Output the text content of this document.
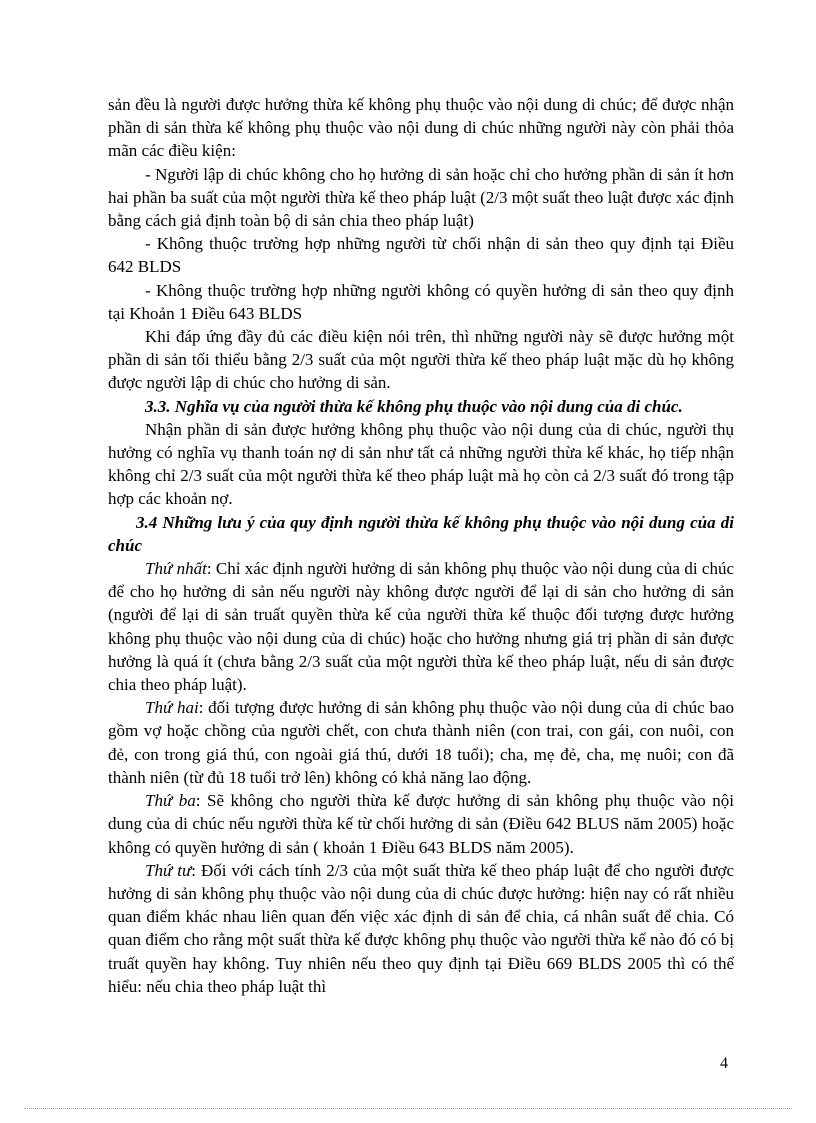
sản đều là người được hưởng thừa kế không phụ thuộc vào nội dung di chúc; để được nhận phần di sản thừa kế không phụ thuộc vào nội dung di chúc những người này còn phải thỏa mãn các điều kiện:

- Người lập di chúc không cho họ hưởng di sản hoặc chỉ cho hưởng phần di sản ít hơn hai phần ba suất của một người thừa kế theo pháp luật (2/3 một suất theo luật được xác định bằng cách giả định toàn bộ di sản chia theo pháp luật)

- Không thuộc trường hợp những người từ chối nhận di sản theo quy định tại Điều 642 BLDS

- Không thuộc trường hợp những người không có quyền hưởng di sản theo quy định tại Khoản 1 Điều 643 BLDS

Khi đáp ứng đầy đủ các điều kiện nói trên, thì những người này sẽ được hưởng một phần di sản tối thiểu bằng 2/3 suất của một người thừa kế theo pháp luật mặc dù họ không được người lập di chúc cho hưởng di sản.

3.3. Nghĩa vụ của người thừa kế không phụ thuộc vào nội dung của di chúc.

Nhận phần di sản được hưởng không phụ thuộc vào nội dung của di chúc, người thụ hưởng có nghĩa vụ thanh toán nợ di sản như tất cả những người thừa kế khác, họ tiếp nhận không chỉ 2/3 suất của một người thừa kế theo pháp luật mà họ còn cả 2/3 suất đó trong tập hợp các khoản nợ.

3.4 Những lưu ý của quy định người thừa kế không phụ thuộc vào nội dung của di chúc

Thứ nhất: Chỉ xác định người hưởng di sản không phụ thuộc vào nội dung của di chúc để cho họ hưởng di sản nếu người này không được người để lại di sản cho hưởng di sản (người để lại di sản truất quyền thừa kế của người thừa kế thuộc đối tượng được hưởng không phụ thuộc vào nội dung của di chúc) hoặc cho hưởng nhưng giá trị phần di sản được hưởng là quá ít (chưa bằng 2/3 suất của một người thừa kế theo pháp luật, nếu di sản được chia theo pháp luật).

Thứ hai: đối tượng được hưởng di sản không phụ thuộc vào nội dung của di chúc bao gồm vợ hoặc chồng của người chết, con chưa thành niên (con trai, con gái, con nuôi, con đẻ, con trong giá thú, con ngoài giá thú, dưới 18 tuổi); cha, mẹ đẻ, cha, mẹ nuôi; con đã thành niên (từ đủ 18 tuổi trở lên) không có khả năng lao động.

Thứ ba: Sẽ không cho người thừa kế được hưởng di sản không phụ thuộc vào nội dung của di chúc nếu người thừa kế từ chối hưởng di sản (Điều 642 BLUS năm 2005) hoặc không có quyền hưởng di sản ( khoản 1 Điều 643 BLDS năm 2005).

Thứ tư: Đối với cách tính 2/3 của một suất thừa kế theo pháp luật để cho người được hưởng di sản không phụ thuộc vào nội dung của di chúc được hưởng: hiện nay có rất nhiều quan điểm khác nhau liên quan đến việc xác định di sản để chia, cá nhân suất để chia. Có quan điểm cho rằng một suất thừa kế được không phụ thuộc vào người thừa kế nào đó có bị truất quyền hay không. Tuy nhiên nếu theo quy định tại Điều 669 BLDS 2005 thì có thể hiểu: nếu chia theo pháp luật thì

4
